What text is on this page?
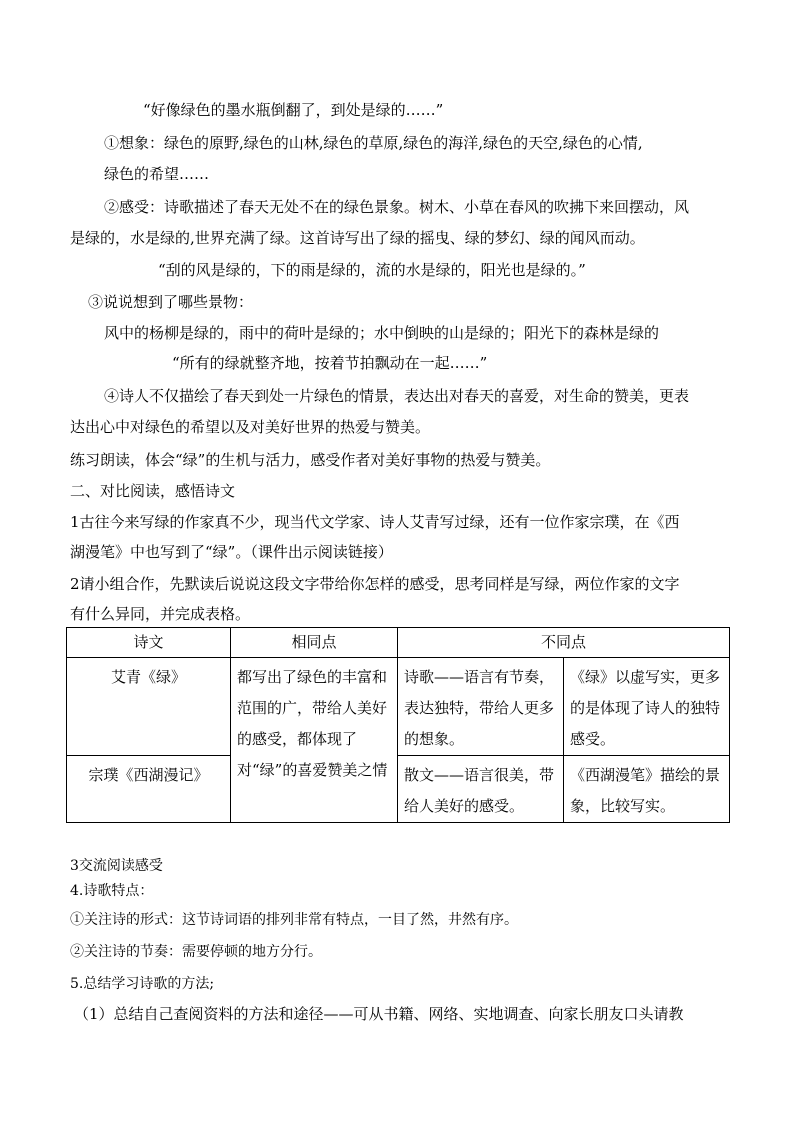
“好像绿色的墨水瓶倒翻了，到处是绿的……”
①想象：绿色的原野,绿色的山林,绿色的草原,绿色的海洋,绿色的天空,绿色的心情,
绿色的希望……
②感受：诗歌描述了春天无处不在的绿色景象。树木、小草在春风的吹拂下来回摆动，风
是绿的，水是绿的,世界充满了绿。这首诗写出了绿的摇曳、绿的梦幻、绿的闻风而动。
“刮的风是绿的，下的雨是绿的，流的水是绿的，阳光也是绿的。”
③说说想到了哪些景物：
风中的杨柳是绿的，雨中的荷叶是绿的；水中倒映的山是绿的；阳光下的森林是绿的
“所有的绿就整齐地，按着节拍飘动在一起……”
④诗人不仅描绘了春天到处一片绿色的情景，表达出对春天的喜爱，对生命的赞美，更表
达出心中对绿色的希望以及对美好世界的热爱与赞美。
练习朗读，体会“绿”的生机与活力，感受作者对美好事物的热爱与赞美。
二、对比阅读，感悟诗文
1古往今来写绿的作家真不少，现当代文学家、诗人艾青写过绿，还有一位作家宗璞，在《西
湖漫笔》中也写到了“绿”。（课件出示阅读链接）
2请小组合作，先默读后说说这段文字带给你怎样的感受，思考同样是写绿，两位作家的文字
有什么异同，并完成表格。
诗文	相同点	不同点	

艾青《绿》	都写出了绿色的丰富和范围的广，带给人美好的感受，都体现了对“绿”的喜爱赞美之情	诗歌——语言有节奏，表达独特，带给人更多的想象。	《绿》以虚写实，更多的是体现了诗人的独特感受。

宗璞《西湖漫记》		散文——语言很美，带给人美好的感受。	《西湖漫笔》描绘的景象，比较写实。
3交流阅读感受
4.诗歌特点：
①关注诗的形式：这节诗词语的排列非常有特点，一目了然，井然有序。
②关注诗的节奏：需要停顿的地方分行。
5.总结学习诗歌的方法;
（1）总结自己查阅资料的方法和途径——可从书籍、网络、实地调查、向家长朋友口头请教
